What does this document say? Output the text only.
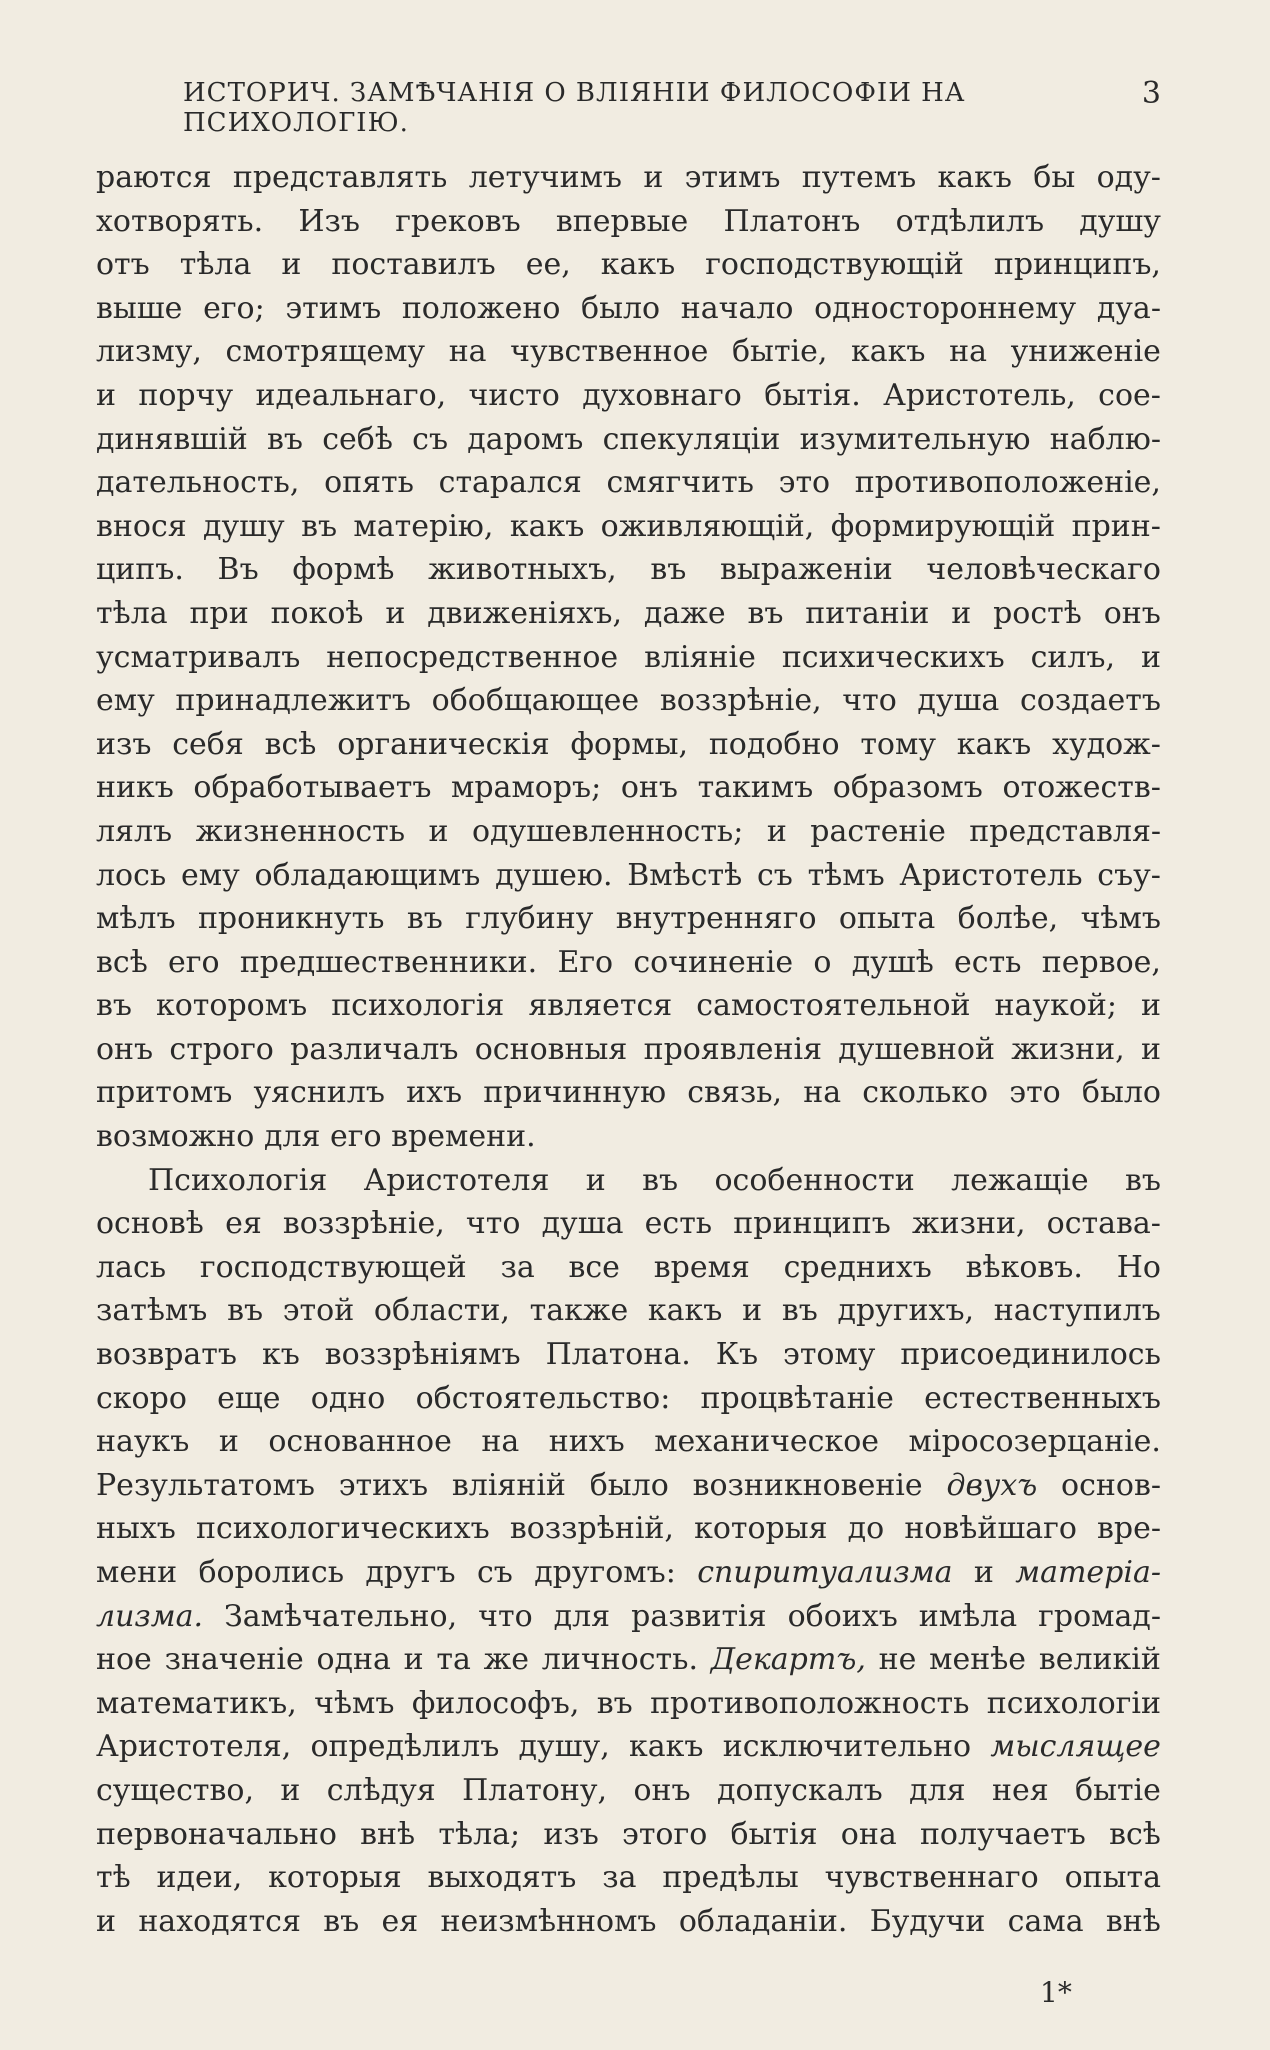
ИСТОРИЧ. ЗАМѢЧАНІЯ О ВЛІЯНІИ ФИЛОСОФІИ НА ПСИХОЛОГІЮ.
3
раются представлять летучимъ и этимъ путемъ какъ бы оду-
хотворять. Изъ грековъ впервые Платонъ отдѣлилъ душу
отъ тѣла и поставилъ ее, какъ господствующій принципъ,
выше его; этимъ положено было начало одностороннему дуа-
лизму, смотрящему на чувственное бытіе, какъ на униженіе
и порчу идеальнаго, чисто духовнаго бытія. Аристотель, сое-
динявшій въ себѣ съ даромъ спекуляціи изумительную наблю-
дательность, опять старался смягчить это противоположеніе,
внося душу въ матерію, какъ оживляющій, формирующій прин-
ципъ. Въ формѣ животныхъ, въ выраженіи человѣческаго
тѣла при покоѣ и движеніяхъ, даже въ питаніи и ростѣ онъ
усматривалъ непосредственное вліяніе психическихъ силъ, и
ему принадлежитъ обобщающее воззрѣніе, что душа создаетъ
изъ себя всѣ органическія формы, подобно тому какъ худож-
никъ обработываетъ мраморъ; онъ такимъ образомъ отожеств-
лялъ жизненность и одушевленность; и растеніе представля-
лось ему обладающимъ душею. Вмѣстѣ съ тѣмъ Аристотель съу-
мѣлъ проникнуть въ глубину внутренняго опыта болѣе, чѣмъ
всѣ его предшественники. Его сочиненіе о душѣ есть первое,
въ которомъ психологія является самостоятельной наукой; и
онъ строго различалъ основныя проявленія душевной жизни, и
притомъ уяснилъ ихъ причинную связь, на сколько это было
возможно для его времени.
Психологія Аристотеля и въ особенности лежащіе въ
основѣ ея воззрѣніе, что душа есть принципъ жизни, остава-
лась господствующей за все время среднихъ вѣковъ. Но
затѣмъ въ этой области, также какъ и въ другихъ, наступилъ
возвратъ къ воззрѣніямъ Платона. Къ этому присоединилось
скоро еще одно обстоятельство: процвѣтаніе естественныхъ
наукъ и основанное на нихъ механическое міросозерцаніе.
Результатомъ этихъ вліяній было возникновеніе двухъ основ-
ныхъ психологическихъ воззрѣній, которыя до новѣйшаго вре-
мени боролись другъ съ другомъ: спиритуализма и матеріа-
лизма. Замѣчательно, что для развитія обоихъ имѣла громад-
ное значеніе одна и та же личность. Декартъ, не менѣе великій
математикъ, чѣмъ философъ, въ противоположность психологіи
Аристотеля, опредѣлилъ душу, какъ исключительно мыслящее
существо, и слѣдуя Платону, онъ допускалъ для нея бытіе
первоначально внѣ тѣла; изъ этого бытія она получаетъ всѣ
тѣ идеи, которыя выходятъ за предѣлы чувственнаго опыта
и находятся въ ея неизмѣнномъ обладаніи. Будучи сама внѣ
1*
